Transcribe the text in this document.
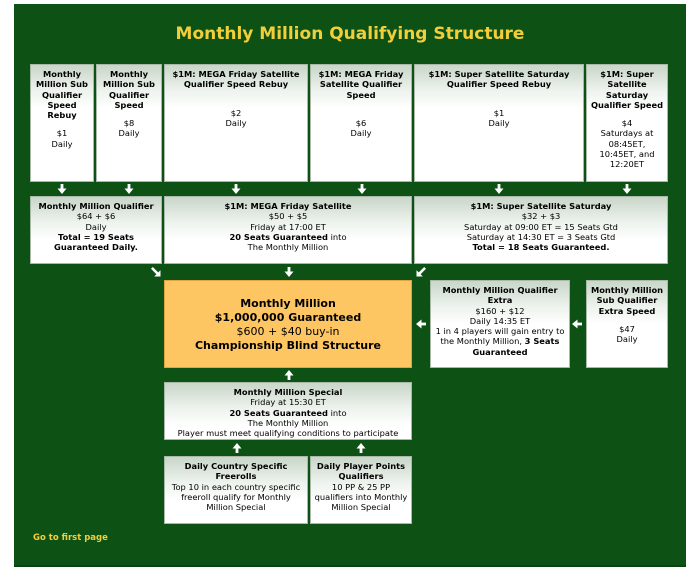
Monthly Million Qualifying Structure
Monthly Million Sub Qualifier Speed Rebuy
$1
Daily
Monthly Million Sub Qualifier Speed
$8
Daily
$1M: MEGA Friday Satellite Qualifier Speed Rebuy
$2
Daily
$1M: MEGA Friday Satellite Qualifier Speed
$6
Daily
$1M: Super Satellite Saturday Qualifier Speed Rebuy
$1
Daily
$1M: Super Satellite Saturday Qualifier Speed
$4
Saturdays at 08:45ET, 10:45ET, and 12:20ET
Monthly Million Qualifier
$64 + $6
Daily
Total = 19 Seats Guaranteed Daily.
$1M: MEGA Friday Satellite
$50 + $5
Friday at 17:00 ET
20 Seats Guaranteed into
The Monthly Million
$1M: Super Satellite Saturday
$32 + $3
Saturday at 09:00 ET = 15 Seats Gtd
Saturday at 14:30 ET = 3 Seats Gtd
Total = 18 Seats Guaranteed.
Monthly Million
$1,000,000 Guaranteed
$600 + $40 buy-in
Championship Blind Structure
Monthly Million Qualifier Extra
$160 + $12
Daily 14:35 ET
1 in 4 players will gain entry to the Monthly Million, 3 Seats Guaranteed
Monthly Million Sub Qualifier Extra Speed
$47
Daily
Monthly Million Special
Friday at 15:30 ET
20 Seats Guaranteed into
The Monthly Million
Player must meet qualifying conditions to participate
Daily Country Specific Freerolls
Top 10 in each country specific freeroll qualify for Monthly Million Special
Daily Player Points Qualifiers
10 PP & 25 PP qualifiers into Monthly Million Special
Go to first page
